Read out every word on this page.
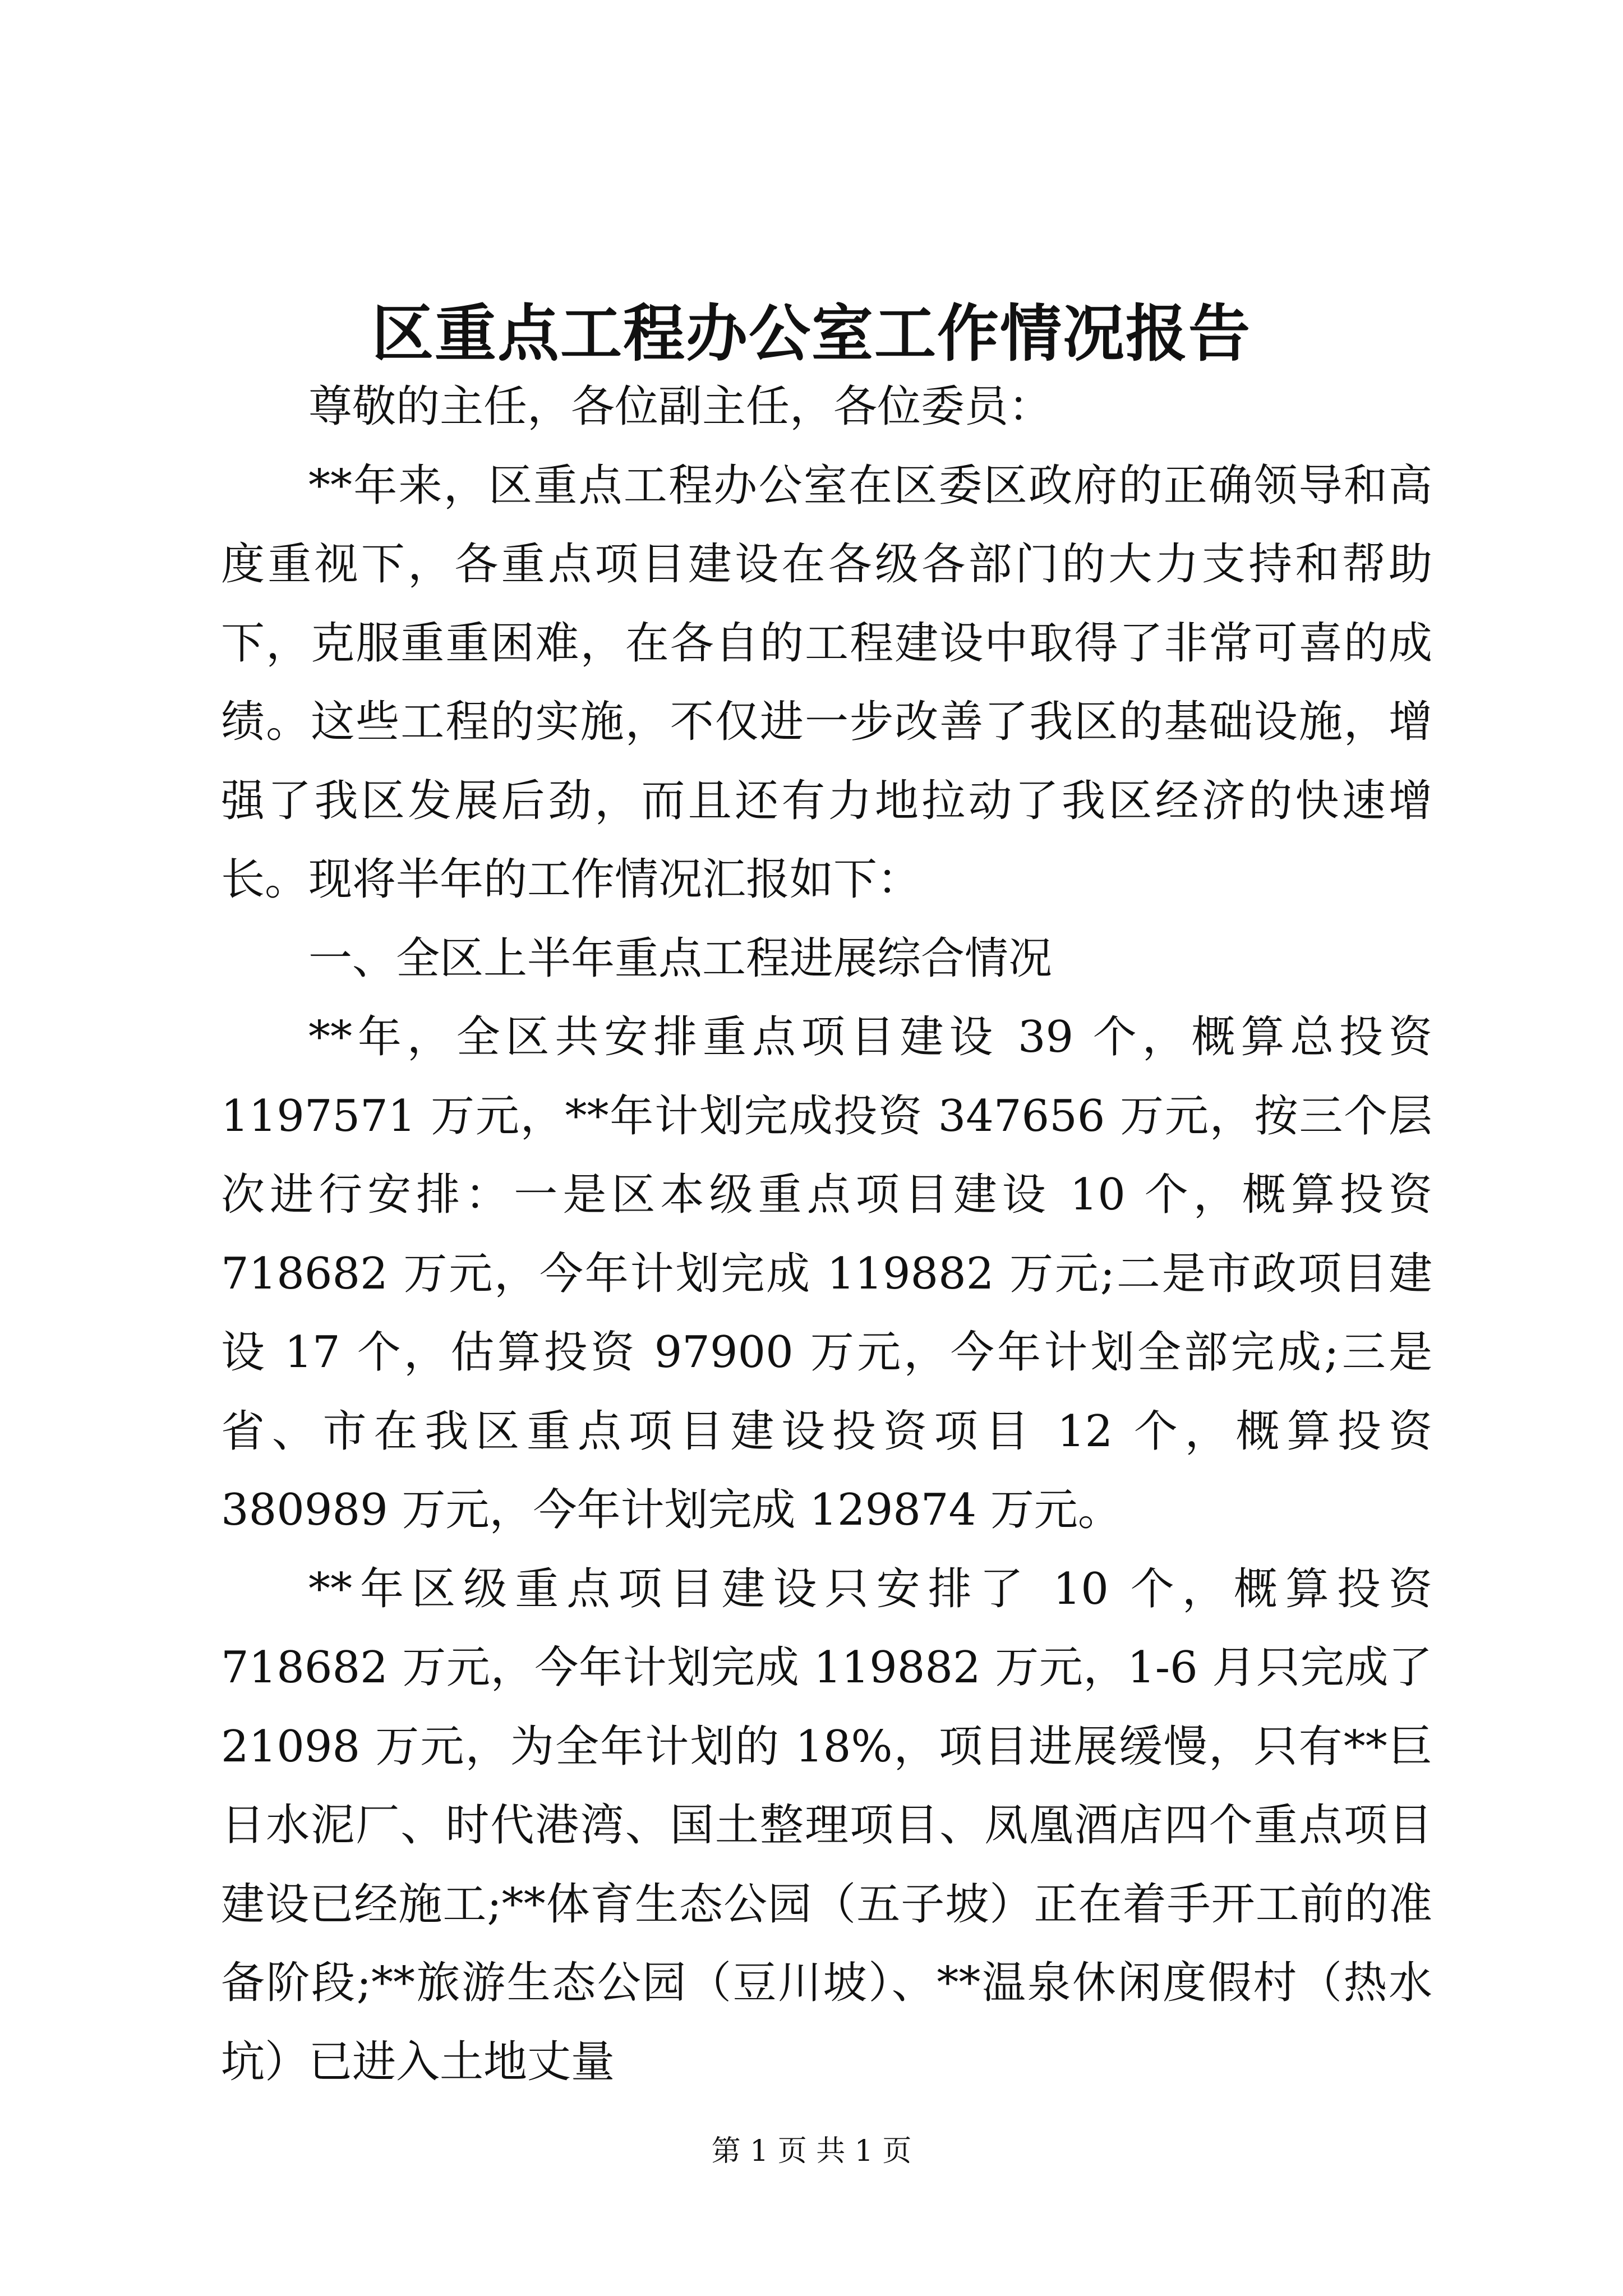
区重点工程办公室工作情况报告

尊敬的主任，各位副主任，各位委员：

**年来，区重点工程办公室在区委区政府的正确领导和高度重视下，各重点项目建设在各级各部门的大力支持和帮助下，克服重重困难，在各自的工程建设中取得了非常可喜的成绩。这些工程的实施，不仅进一步改善了我区的基础设施，增强了我区发展后劲，而且还有力地拉动了我区经济的快速增长。现将半年的工作情况汇报如下：

一、全区上半年重点工程进展综合情况

**年，全区共安排重点项目建设 39 个，概算总投资 1197571 万元，**年计划完成投资 347656 万元，按三个层次进行安排：一是区本级重点项目建设 10 个，概算投资 718682 万元，今年计划完成 119882 万元;二是市政项目建设 17 个，估算投资 97900 万元，今年计划全部完成;三是省、市在我区重点项目建设投资项目 12 个，概算投资 380989 万元，今年计划完成 129874 万元。

**年区级重点项目建设只安排了 10 个，概算投资 718682 万元，今年计划完成 119882 万元，1-6 月只完成了 21098 万元，为全年计划的 18%，项目进展缓慢，只有**巨日水泥厂、时代港湾、国土整理项目、凤凰酒店四个重点项目建设已经施工;**体育生态公园（五子坡）正在着手开工前的准备阶段;**旅游生态公园（豆川坡）、**温泉休闲度假村（热水坑）已进入土地丈量

第 1 页 共 1 页
